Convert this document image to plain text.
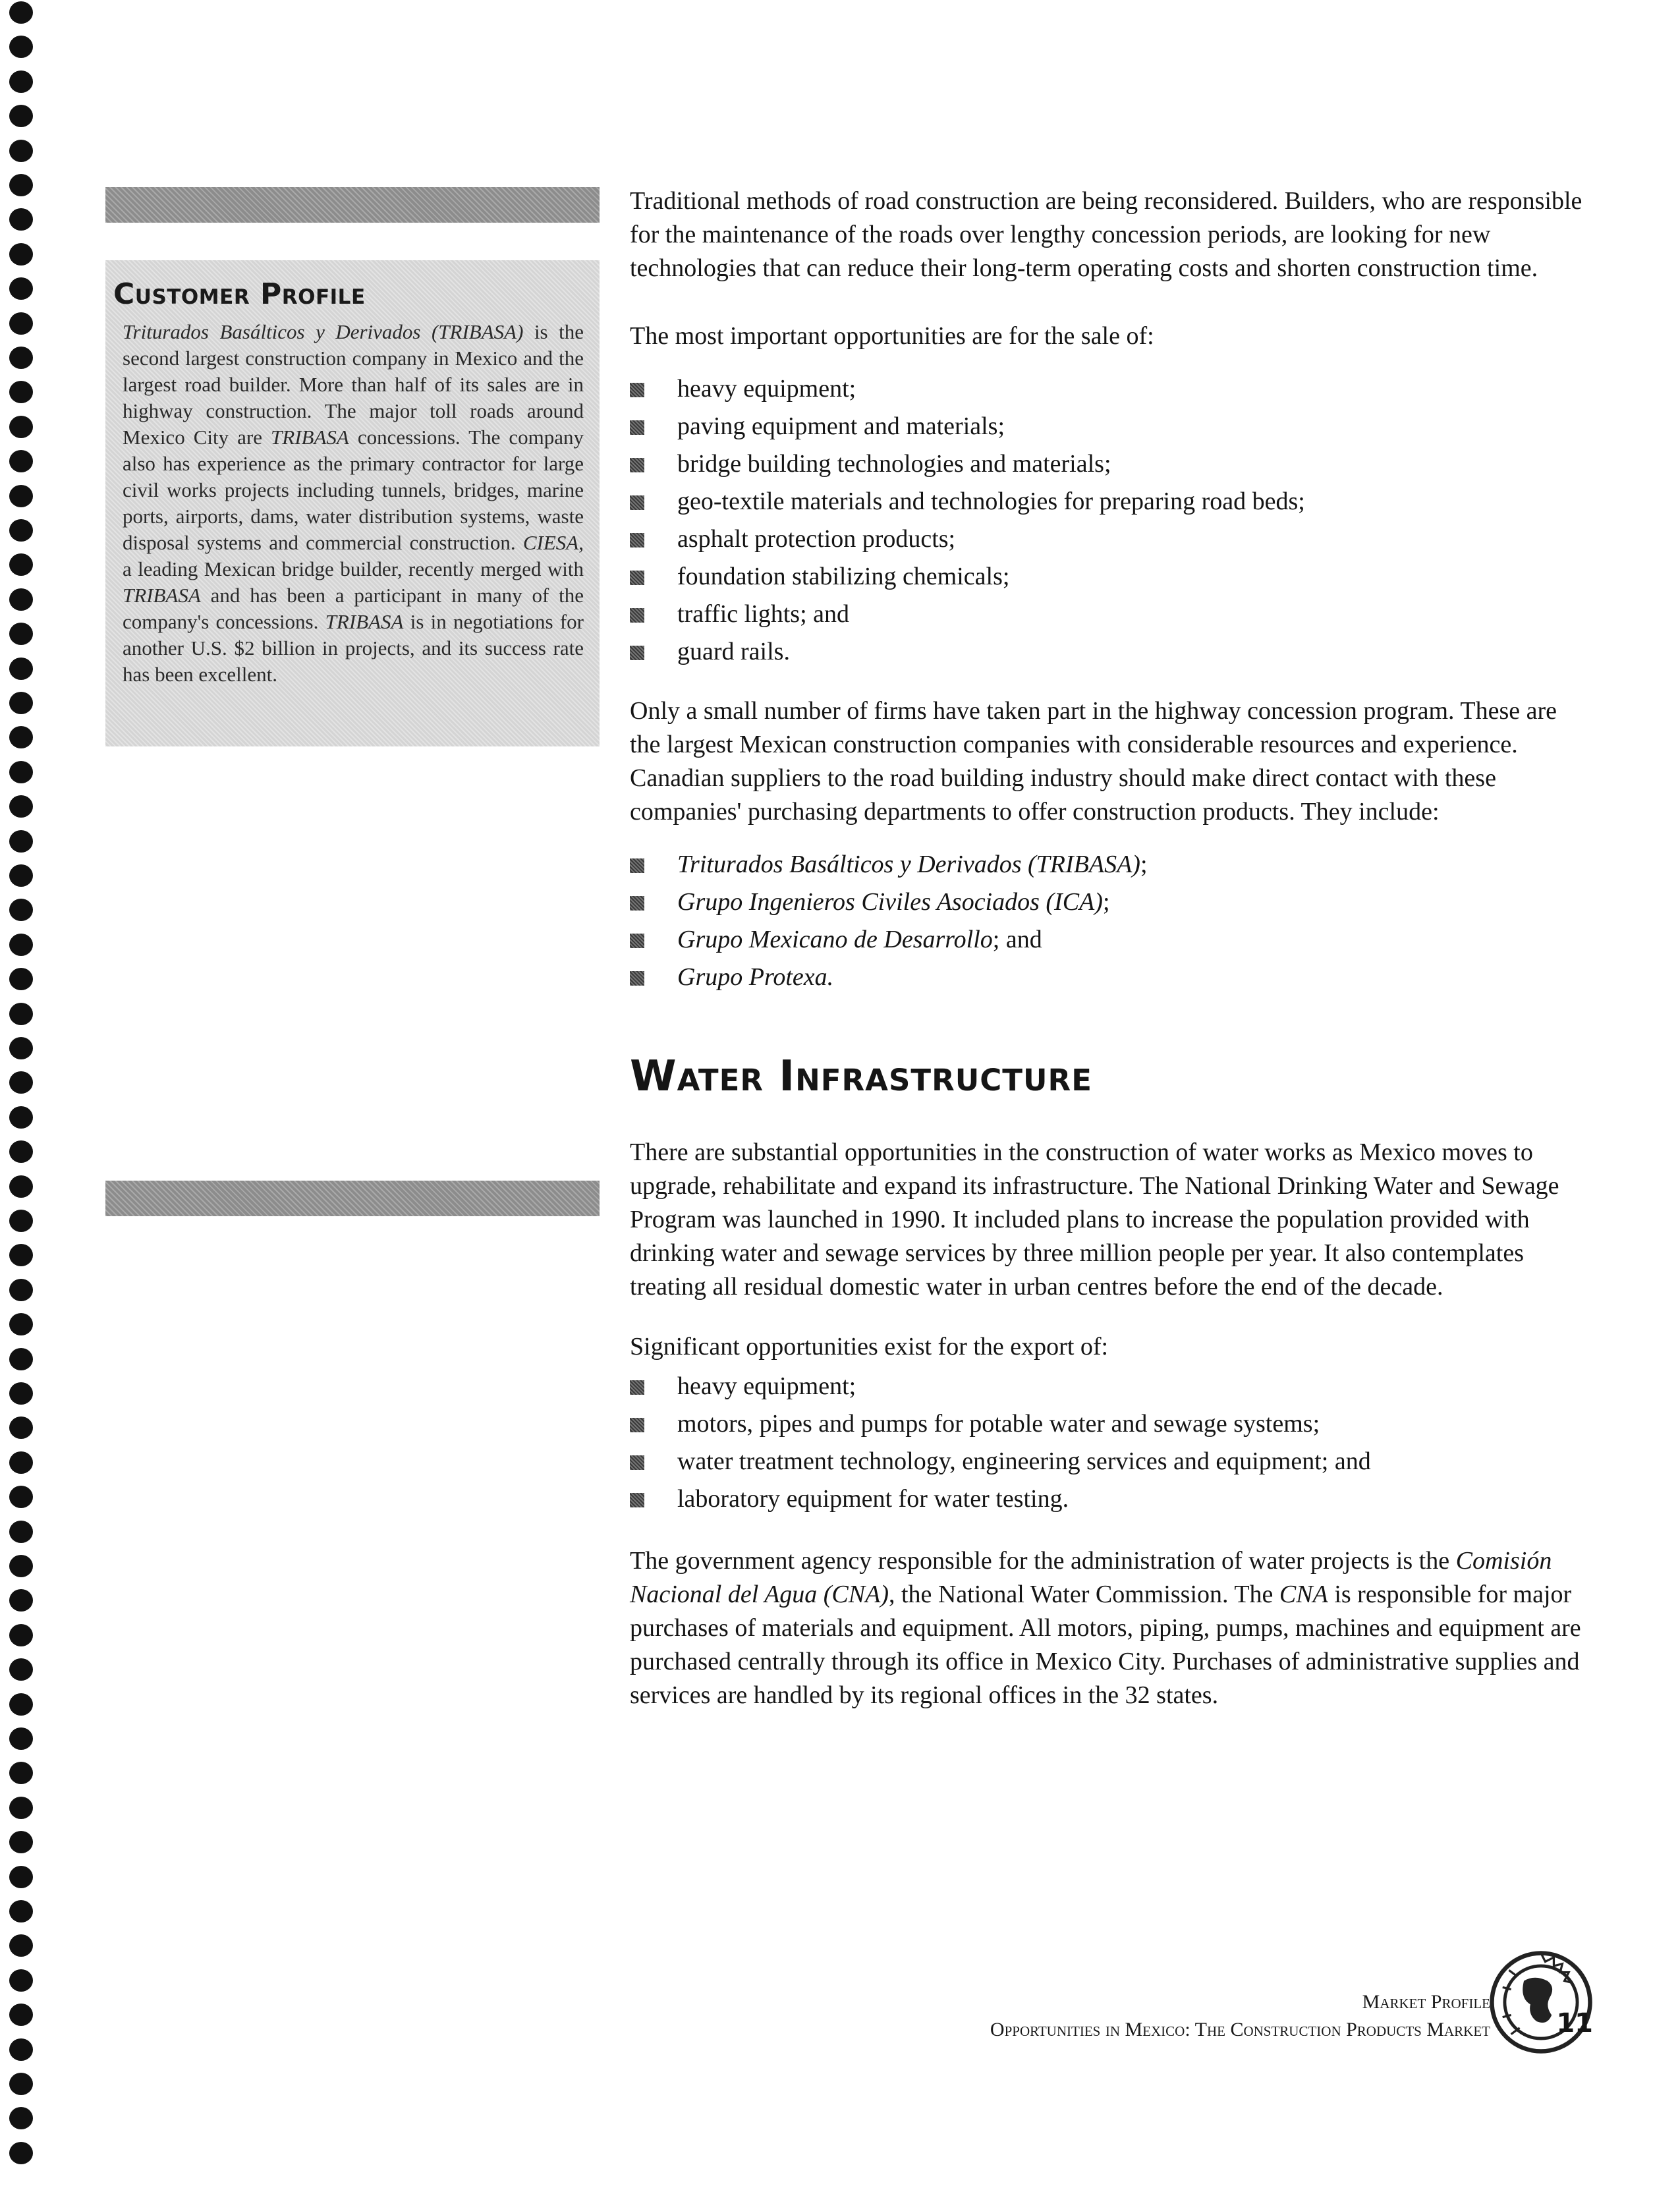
Customer Profile

Triturados Basálticos y Derivados (TRIBASA) is the second largest construction company in Mexico and the largest road builder. More than half of its sales are in highway construction. The major toll roads around Mexico City are TRIBASA concessions. The company also has experience as the primary contractor for large civil works projects including tunnels, bridges, marine ports, airports, dams, water distribution systems, waste disposal systems and commercial construction. CIESA, a leading Mexican bridge builder, recently merged with TRIBASA and has been a participant in many of the company's concessions. TRIBASA is in negotiations for another U.S. $2 billion in projects, and its success rate has been excellent.

Traditional methods of road construction are being reconsidered. Builders, who are responsible for the maintenance of the roads over lengthy concession periods, are looking for new technologies that can reduce their long-term operating costs and shorten construction time.

The most important opportunities are for the sale of:

heavy equipment;
paving equipment and materials;
bridge building technologies and materials;
geo-textile materials and technologies for preparing road beds;
asphalt protection products;
foundation stabilizing chemicals;
traffic lights; and
guard rails.

Only a small number of firms have taken part in the highway concession program. These are the largest Mexican construction companies with considerable resources and experience. Canadian suppliers to the road building industry should make direct contact with these companies' purchasing departments to offer construction products. They include:

Triturados Basálticos y Derivados (TRIBASA);
Grupo Ingenieros Civiles Asociados (ICA);
Grupo Mexicano de Desarrollo; and
Grupo Protexa.
Water Infrastructure

There are substantial opportunities in the construction of water works as Mexico moves to upgrade, rehabilitate and expand its infrastructure. The National Drinking Water and Sewage Program was launched in 1990. It included plans to increase the population provided with drinking water and sewage services by three million people per year. It also contemplates treating all residual domestic water in urban centres before the end of the decade.

Significant opportunities exist for the export of:

heavy equipment;
motors, pipes and pumps for potable water and sewage systems;
water treatment technology, engineering services and equipment; and
laboratory equipment for water testing.

The government agency responsible for the administration of water projects is the Comisión Nacional del Agua (CNA), the National Water Commission. The CNA is responsible for major purchases of materials and equipment. All motors, piping, pumps, machines and equipment are purchased centrally through its office in Mexico City. Purchases of administrative supplies and services are handled by its regional offices in the 32 states.

Market Profile
Opportunities in Mexico: The Construction Products Market	11
